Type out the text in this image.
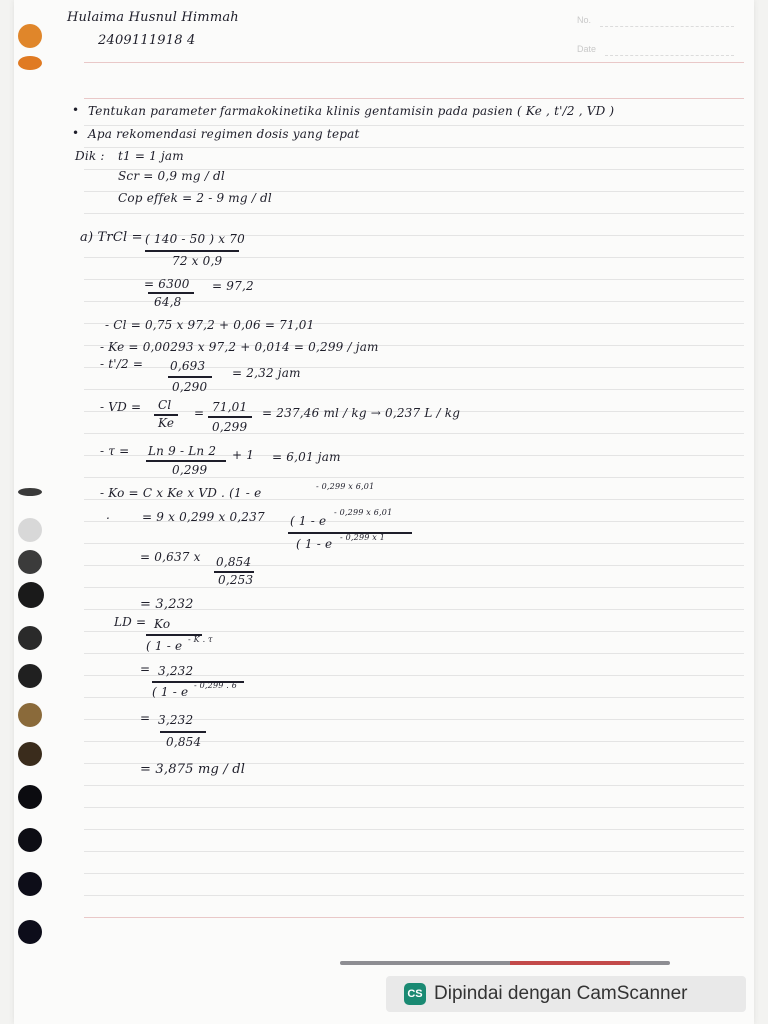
No.
Date
Hulaima Husnul Himmah
2409111918 4
• Tentukan parameter farmakokinetika klinis gentamisin pada pasien ( Ke , t'/2 , VD )
• Apa rekomendasi regimen dosis yang tepat
Dik : t1 = 1 jam
Scr = 0,9 mg / dl
Cop effek = 2 - 9 mg / dl
a) TrCl = ( 140 - 50 ) x 70
72 x 0,9
= 6300 = 97,2
64,8
- Cl = 0,75 x 97,2 + 0,06 = 71,01
- Ke = 0,00293 x 97,2 + 0,014 = 0,299 / jam
- t'/2 = 0,693 = 2,32 jam
0,290
- VD = Cl
Ke
= 71,01
0,299
= 237,46 ml / kg → 0,237 L / kg
- τ = Ln 9 - Ln 2 + 1 = 6,01 jam
0,299
- Ko = C x Ke x VD . (1 - e	- 0,299 x 6,01
.	= 9 x 0,299 x 0,237 ( 1 - e
- 0,299 x 6,01
( 1 - e - 0,299 x 1
= 0,637 x 0,854
0,253
= 3,232
LD = Ko
( 1 - e - K . τ
= 3,232
( 1 - e - 0,299 . 6
= 3,232
0,854
= 3,875 mg / dl
CS Dipindai dengan CamScanner
